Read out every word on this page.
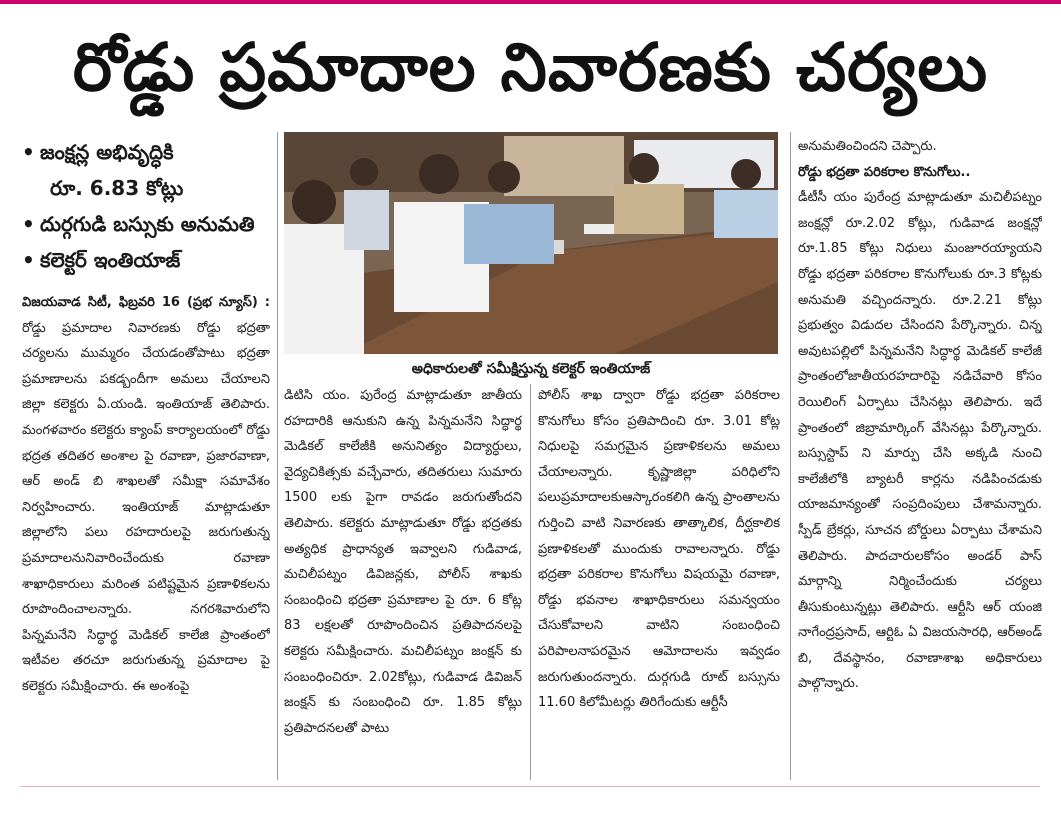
రోడ్డు ప్రమాదాల నివారణకు చర్యలు
• జంక్షన్ల అభివృద్ధికి
రూ. 6.83 కోట్లు
• దుర్గగుడి బస్సుకు అనుమతి
• కలెక్టర్ ఇంతియాజ్

విజయవాడ సిటీ, ఫిబ్రవరి 16 (ప్రభ న్యూస్) : రోడ్డు ప్రమాదాల నివారణకు రోడ్డు భద్రతా చర్యలను ముమ్మరం చేయడంతోపాటు భద్రతా ప్రమాణాలను పకడ్బందీగా అమలు చేయాలని జిల్లా కలెక్టరు ఏ.యండి. ఇంతియాజ్ తెలిపారు. మంగళవారం కలెక్టరు క్యాంప్ కార్యాలయంలో రోడ్డు భద్రత తదితర అంశాల పై రవాణా, ప్రజారవాణా, ఆర్ అండ్ బి శాఖలతో సమీక్షా సమావేశం నిర్వహించారు. ఇంతియాజ్ మాట్లాడుతూ జిల్లాలోని పలు రహదారులపై జరుగుతున్న ప్రమాదాలనునివారించేందుకు రవాణా శాఖాధికారులు మరింత పటిష్టమైన ప్రణాళికలను రూపొందించాలన్నారు. నగరశివారులోని పిన్నమనేని సిద్ధార్థ మెడికల్ కాలేజి ప్రాంతంలో ఇటీవల తరచూ జరుగుతున్న ప్రమాదాల పై కలెక్టరు సమీక్షించారు. ఈ అంశంపై

అధికారులతో సమీక్షిస్తున్న కలెక్టర్ ఇంతియాజ్

డిటిసి యం. పురేంద్ర మాట్లాడుతూ జాతీయ రహదారికి ఆనుకుని ఉన్న పిన్నమనేని సిద్ధార్థ మెడికల్ కాలేజీకి అనునిత్యం విద్యార్ధులు, వైద్యచికిత్సకు వచ్చేవారు, తదితరులు సుమారు 1500 లకు పైగా రావడం జరుగుతోందని తెలిపారు. కలెక్టరు మాట్లాడుతూ రోడ్డు భద్రతకు అత్యధిక ప్రాధాన్యత ఇవ్వాలని గుడివాడ, మచిలీపట్నం డివిజన్లకు, పోలీస్ శాఖకు సంబంధించి భద్రతా ప్రమాణాల పై రూ. 6 కోట్ల 83 లక్షలతో రూపొందించిన ప్రతిపాదనలపై కలెక్టరు సమీక్షించారు. మచిలీపట్నం జంక్షన్ కు సంబంధించిరూ. 2.02కోట్లు, గుడివాడ డివిజన్ జంక్షన్ కు సంబంధించి రూ. 1.85 కోట్లు ప్రతిపాదనలతో పాటు

పోలీస్ శాఖ ద్వారా రోడ్డు భద్రతా పరికరాల కొనుగోలు కోసం ప్రతిపాదించి రూ. 3.01 కోట్ల నిధులపై సమగ్రమైన ప్రణాళికలను అమలు చేయాలన్నారు. కృష్ణాజిల్లా పరిధిలోని పలుప్రమాదాలకుఆస్కారంకలిగి ఉన్న ప్రాంతాలను గుర్తించి వాటి నివారణకు తాత్కాలిక, దీర్ఘకాలిక ప్రణాళికలతో ముందుకు రావాలన్నారు. రోడ్డు భద్రతా పరికరాల కొనుగోలు విషయమై రవాణా, రోడ్డు భవనాల శాఖాధికారులు సమన్వయం చేసుకోవాలని వాటిని సంబంధించి పరిపాలనాపరమైన ఆమోదాలను ఇవ్వడం జరుగుతుందన్నారు. దుర్గగుడి రూట్ బస్సును 11.60 కిలోమీటర్లు తిరిగేందుకు ఆర్టీసీ

అనుమతించిందని చెప్పారు.

రోడ్డు భద్రతా పరికరాల కొనుగోలు..

డీటీసీ యం పురేంద్ర మాట్లాడుతూ మచిలీపట్నం జంక్షన్లో రూ.2.02 కోట్లు, గుడివాడ జంక్షన్లో రూ.1.85 కోట్లు నిధులు మంజూరయ్యాయని రోడ్డు భద్రతా పరికరాల కొనుగోలుకు రూ.3 కోట్లకు అనుమతి వచ్చిందన్నారు. రూ.2.21 కోట్లు ప్రభుత్వం విడుదల చేసిందని పేర్కొన్నారు. చిన్న అవుటపల్లిలో పిన్నమనేని సిద్ధార్థ మెడికల్ కాలేజీ ప్రాంతంలోజాతీయరహదారిపై నడిచేవారి కోసం రెయిలింగ్ ఏర్పాటు చేసినట్లు తెలిపారు. ఇదే ప్రాంతంలో జిబ్రామార్కింగ్ వేసినట్లు పేర్కొన్నారు. బస్సుస్టాప్ ని మార్పు చేసి అక్కడి నుంచి కాలేజీలోకి బ్యాటరీ కార్లను నడిపించడుకు యాజమాన్యంతో సంప్రదింపులు చేశామన్నారు. స్పీడ్ బ్రేకర్లు, సూచన బోర్డులు ఏర్పాటు చేశామని తెలిపారు. పాదచారులకోసం అండర్ పాస్ మార్గాన్ని నిర్మించేందుకు చర్యలు తీసుకుంటున్నట్లు తెలిపారు. ఆర్టీసి ఆర్ యంజి నాగేంద్రప్రసాద్, ఆర్టిఓ ఏ విజయసారధి, ఆర్అండ్ బి, దేవస్థానం, రవాణాశాఖ అధికారులు పాల్గొన్నారు.
